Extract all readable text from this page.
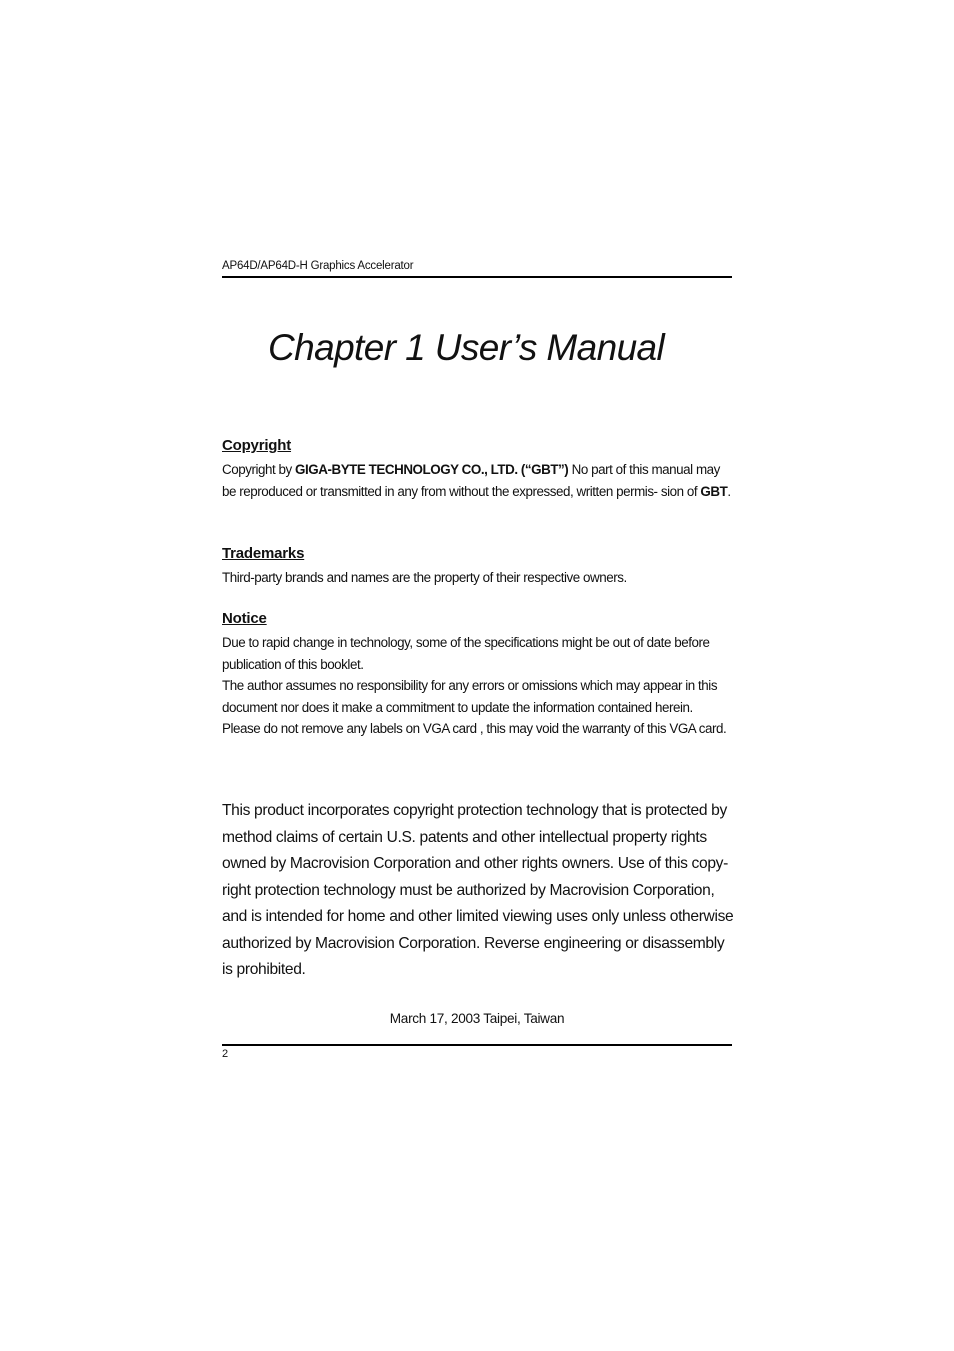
AP64D/AP64D-H Graphics Accelerator
Chapter 1 User’s Manual
Copyright
Copyright by GIGA-BYTE TECHNOLOGY CO., LTD. (“GBT”) No part of this manual may be reproduced or transmitted in any from without the expressed, written permis- sion of GBT.
Trademarks
Third-party brands and names are the property of their respective owners.
Notice
Due to rapid change in technology, some of the specifications might be out of date before publication of this booklet.
The author assumes no responsibility for any errors or omissions which may appear in this document nor does it make a commitment to update the information contained herein.
Please do not remove any labels on VGA card , this may void the warranty of this VGA card.
This product incorporates copyright protection technology that is protected by method claims of certain U.S. patents and other intellectual property rights owned by Macrovision Corporation and other rights owners. Use of this copy- right protection technology must be authorized by Macrovision Corporation, and is intended for home and other limited viewing uses only unless otherwise authorized by Macrovision Corporation. Reverse engineering or disassembly is prohibited.
March 17, 2003 Taipei, Taiwan
2
